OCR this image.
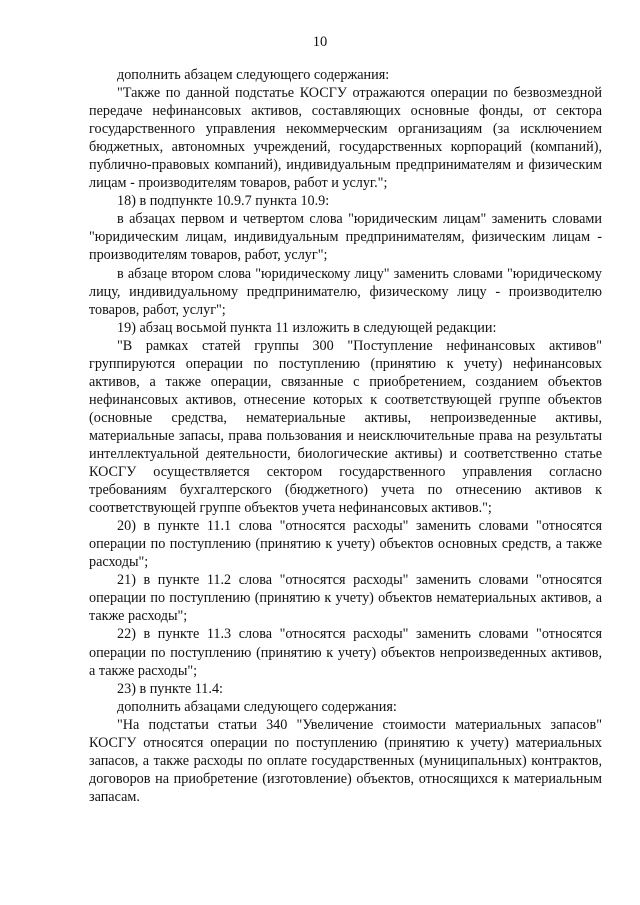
10

дополнить абзацем следующего содержания:

"Также по данной подстатье КОСГУ отражаются операции по безвозмездной передаче нефинансовых активов, составляющих основные фонды, от сектора государственного управления некоммерческим организациям (за исключением бюджетных, автономных учреждений, государственных корпораций (компаний), публично-правовых компаний), индивидуальным предпринимателям и физическим лицам - производителям товаров, работ и услуг.";

18) в подпункте 10.9.7 пункта 10.9:

в абзацах первом и четвертом слова "юридическим лицам" заменить словами "юридическим лицам, индивидуальным предпринимателям, физическим лицам - производителям товаров, работ, услуг";

в абзаце втором слова "юридическому лицу" заменить словами "юридическому лицу, индивидуальному предпринимателю, физическому лицу - производителю товаров, работ, услуг";

19) абзац восьмой пункта 11 изложить в следующей редакции:

"В рамках статей группы 300 "Поступление нефинансовых активов" группируются операции по поступлению (принятию к учету) нефинансовых активов, а также операции, связанные с приобретением, созданием объектов нефинансовых активов, отнесение которых к соответствующей группе объектов (основные средства, нематериальные активы, непроизведенные активы, материальные запасы, права пользования и неисключительные права на результаты интеллектуальной деятельности, биологические активы) и соответственно статье КОСГУ осуществляется сектором государственного управления согласно требованиям бухгалтерского (бюджетного) учета по отнесению активов к соответствующей группе объектов учета нефинансовых активов.";

20) в пункте 11.1 слова "относятся расходы" заменить словами "относятся операции по поступлению (принятию к учету) объектов основных средств, а также расходы";

21) в пункте 11.2 слова "относятся расходы" заменить словами "относятся операции по поступлению (принятию к учету) объектов нематериальных активов, а также расходы";

22) в пункте 11.3 слова "относятся расходы" заменить словами "относятся операции по поступлению (принятию к учету) объектов непроизведенных активов, а также расходы";

23) в пункте 11.4:

дополнить абзацами следующего содержания:

"На подстатьи статьи 340 "Увеличение стоимости материальных запасов" КОСГУ относятся операции по поступлению (принятию к учету) материальных запасов, а также расходы по оплате государственных (муниципальных) контрактов, договоров на приобретение (изготовление) объектов, относящихся к материальным запасам.
